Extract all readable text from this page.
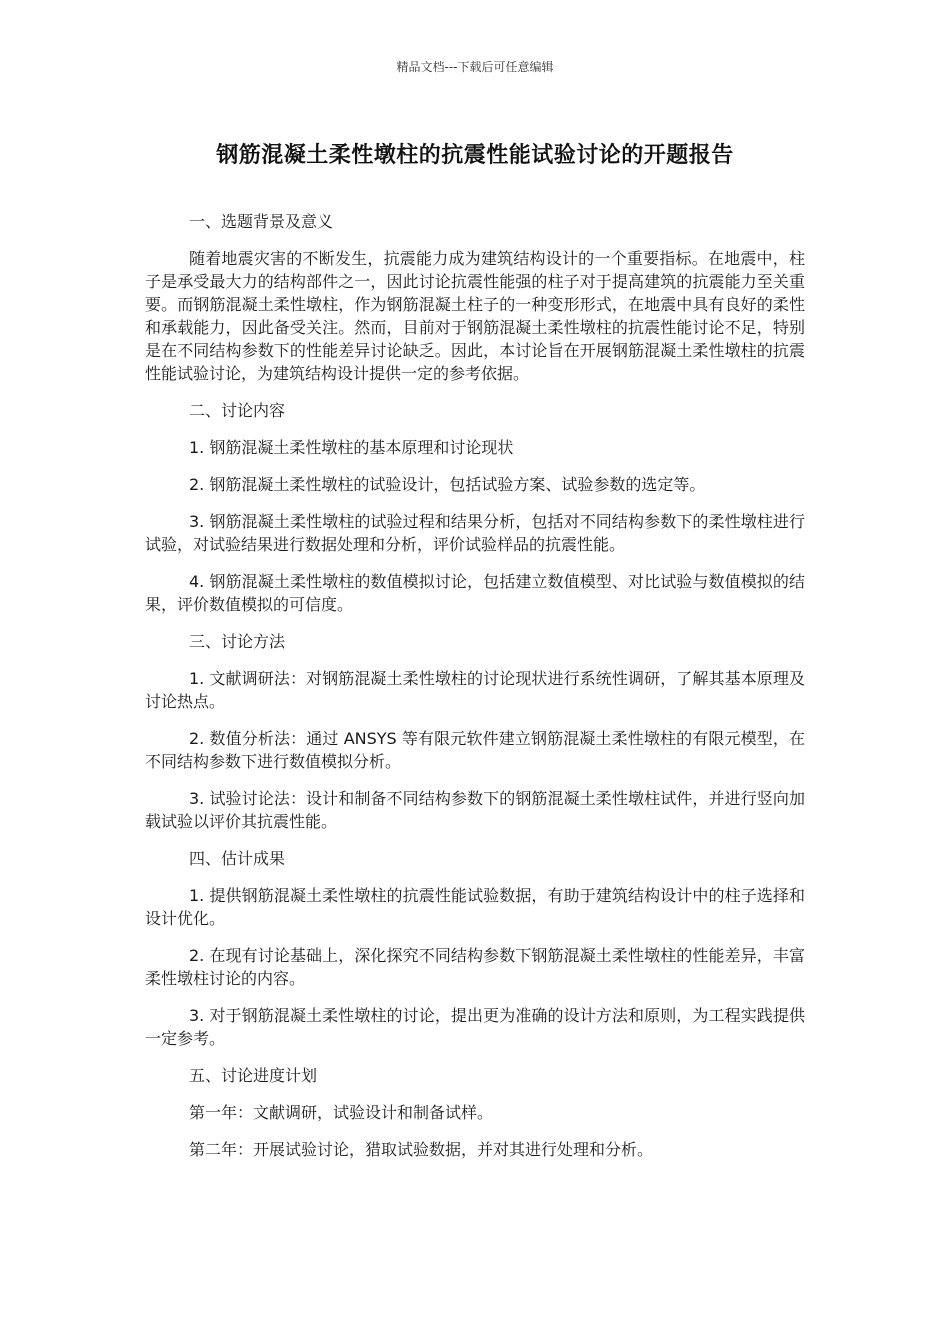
精品文档---下载后可任意编辑
钢筋混凝土柔性墩柱的抗震性能试验讨论的开题报告

一、选题背景及意义

随着地震灾害的不断发生，抗震能力成为建筑结构设计的一个重要指标。在地震中，柱子是承受最大力的结构部件之一，因此讨论抗震性能强的柱子对于提高建筑的抗震能力至关重要。而钢筋混凝土柔性墩柱，作为钢筋混凝土柱子的一种变形形式，在地震中具有良好的柔性和承载能力，因此备受关注。然而，目前对于钢筋混凝土柔性墩柱的抗震性能讨论不足，特别是在不同结构参数下的性能差异讨论缺乏。因此，本讨论旨在开展钢筋混凝土柔性墩柱的抗震性能试验讨论，为建筑结构设计提供一定的参考依据。

二、讨论内容

1. 钢筋混凝土柔性墩柱的基本原理和讨论现状

2. 钢筋混凝土柔性墩柱的试验设计，包括试验方案、试验参数的选定等。

3. 钢筋混凝土柔性墩柱的试验过程和结果分析，包括对不同结构参数下的柔性墩柱进行试验，对试验结果进行数据处理和分析，评价试验样品的抗震性能。

4. 钢筋混凝土柔性墩柱的数值模拟讨论，包括建立数值模型、对比试验与数值模拟的结果，评价数值模拟的可信度。

三、讨论方法

1. 文献调研法：对钢筋混凝土柔性墩柱的讨论现状进行系统性调研，了解其基本原理及讨论热点。

2. 数值分析法：通过 ANSYS 等有限元软件建立钢筋混凝土柔性墩柱的有限元模型，在不同结构参数下进行数值模拟分析。

3. 试验讨论法：设计和制备不同结构参数下的钢筋混凝土柔性墩柱试件，并进行竖向加载试验以评价其抗震性能。

四、估计成果

1. 提供钢筋混凝土柔性墩柱的抗震性能试验数据，有助于建筑结构设计中的柱子选择和设计优化。

2. 在现有讨论基础上，深化探究不同结构参数下钢筋混凝土柔性墩柱的性能差异，丰富柔性墩柱讨论的内容。

3. 对于钢筋混凝土柔性墩柱的讨论，提出更为准确的设计方法和原则，为工程实践提供一定参考。

五、讨论进度计划

第一年：文献调研，试验设计和制备试样。

第二年：开展试验讨论，猎取试验数据，并对其进行处理和分析。
